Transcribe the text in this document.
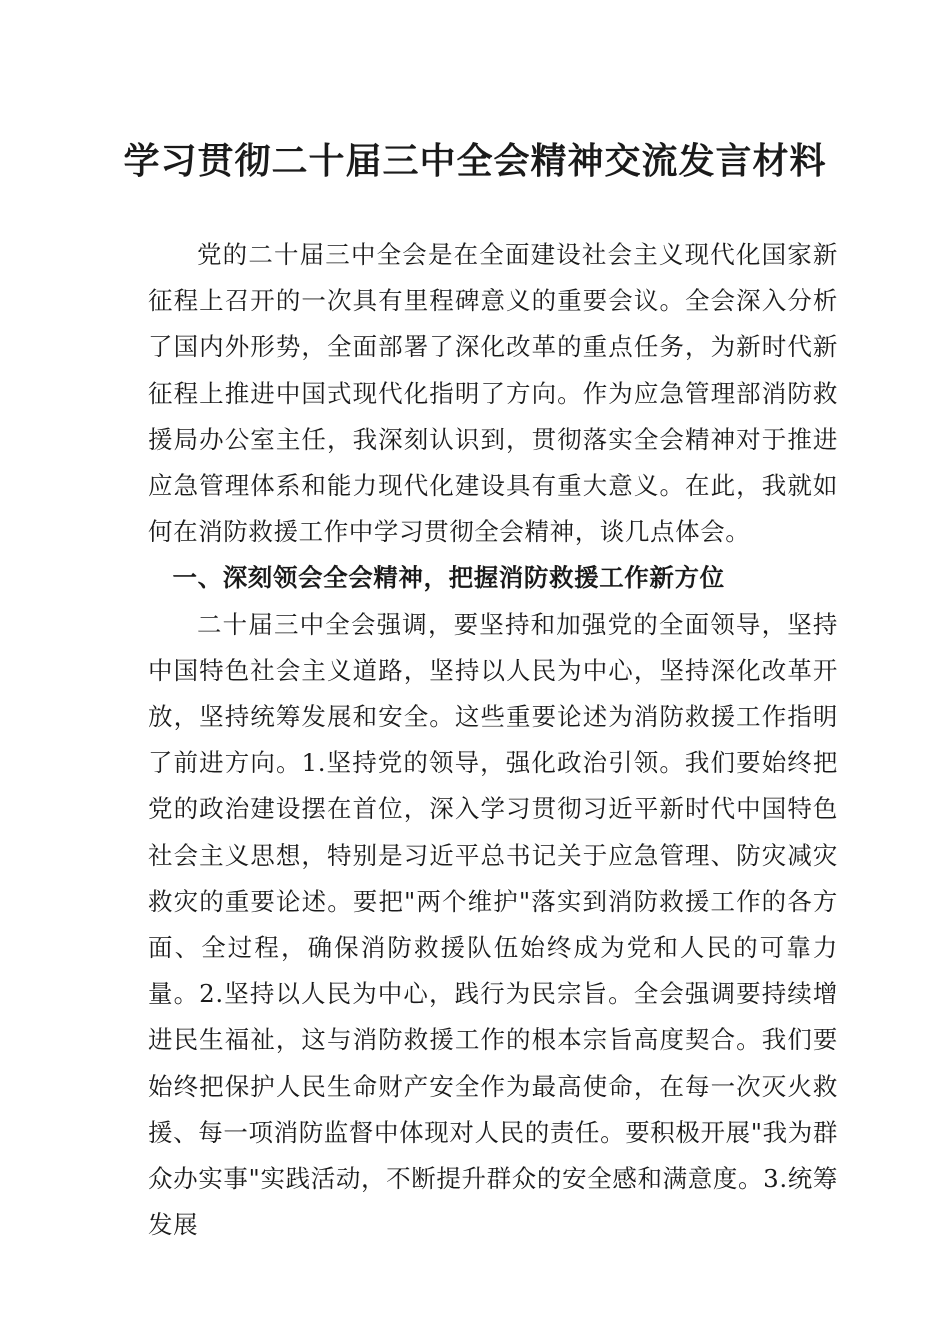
学习贯彻二十届三中全会精神交流发言材料

党的二十届三中全会是在全面建设社会主义现代化国家新征程上召开的一次具有里程碑意义的重要会议。全会深入分析了国内外形势，全面部署了深化改革的重点任务，为新时代新征程上推进中国式现代化指明了方向。作为应急管理部消防救援局办公室主任，我深刻认识到，贯彻落实全会精神对于推进应急管理体系和能力现代化建设具有重大意义。在此，我就如何在消防救援工作中学习贯彻全会精神，谈几点体会。

一、深刻领会全会精神，把握消防救援工作新方位

二十届三中全会强调，要坚持和加强党的全面领导，坚持中国特色社会主义道路，坚持以人民为中心，坚持深化改革开放，坚持统筹发展和安全。这些重要论述为消防救援工作指明了前进方向。1.坚持党的领导，强化政治引领。我们要始终把党的政治建设摆在首位，深入学习贯彻习近平新时代中国特色社会主义思想，特别是习近平总书记关于应急管理、防灾减灾救灾的重要论述。要把"两个维护"落实到消防救援工作的各方面、全过程，确保消防救援队伍始终成为党和人民的可靠力量。2.坚持以人民为中心，践行为民宗旨。全会强调要持续增进民生福祉，这与消防救援工作的根本宗旨高度契合。我们要始终把保护人民生命财产安全作为最高使命，在每一次灭火救援、每一项消防监督中体现对人民的责任。要积极开展"我为群众办实事"实践活动，不断提升群众的安全感和满意度。3.统筹发展
